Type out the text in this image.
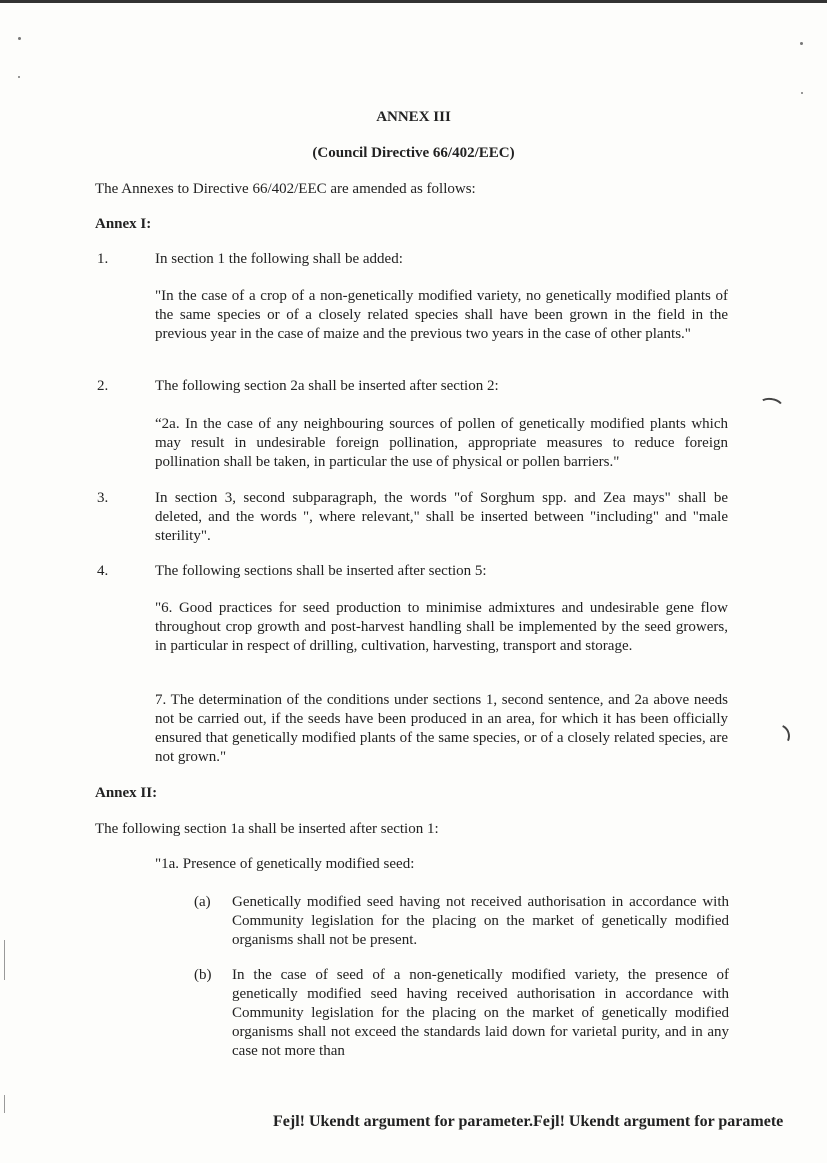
ANNEX III
(Council Directive 66/402/EEC)
The Annexes to Directive 66/402/EEC are amended as follows:
Annex I:
1.	In section 1 the following shall be added:
"In the case of a crop of a non-genetically modified variety, no genetically modified plants of the same species or of a closely related species shall have been grown in the field in the previous year in the case of maize and the previous two years in the case of other plants."
2.	The following section 2a shall be inserted after section 2:
“2a. In the case of any neighbouring sources of pollen of genetically modified plants which may result in undesirable foreign pollination, appropriate measures to reduce foreign pollination shall be taken, in particular the use of physical or pollen barriers."
3.	In section 3, second subparagraph, the words "of Sorghum spp. and Zea mays" shall be deleted, and the words ", where relevant," shall be inserted between "including" and "male sterility".
4.	The following sections shall be inserted after section 5:
"6. Good practices for seed production to minimise admixtures and undesirable gene flow throughout crop growth and post-harvest handling shall be implemented by the seed growers, in particular in respect of drilling, cultivation, harvesting, transport and storage.
7. The determination of the conditions under sections 1, second sentence, and 2a above needs not be carried out, if the seeds have been produced in an area, for which it has been officially ensured that genetically modified plants of the same species, or of a closely related species, are not grown."
Annex II:
The following section 1a shall be inserted after section 1:
"1a. Presence of genetically modified seed:
(a) Genetically modified seed having not received authorisation in accordance with Community legislation for the placing on the market of genetically modified organisms shall not be present.
(b) In the case of seed of a non-genetically modified variety, the presence of genetically modified seed having received authorisation in accordance with Community legislation for the placing on the market of genetically modified organisms shall not exceed the standards laid down for varietal purity, and in any case not more than
Fejl! Ukendt argument for parameter.Fejl! Ukendt argument for paramete
